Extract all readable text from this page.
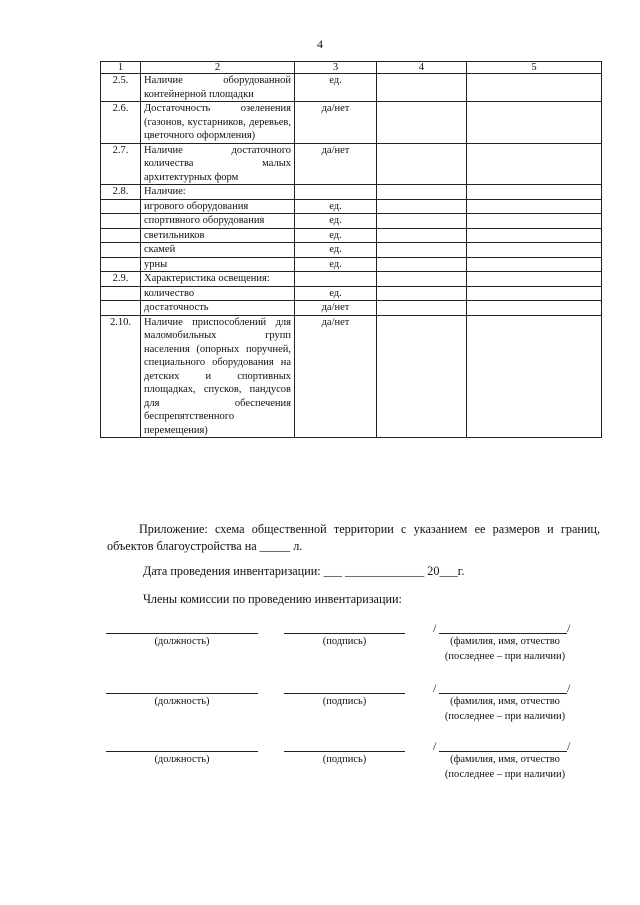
4
1	2	3	4	5
2.5.	Наличие оборудованной контейнерной площадки	ед.		
2.6.	Достаточность озеленения (газонов, кустарников, деревьев, цветочного оформления)	да/нет		
2.7.	Наличие достаточного количества малых архитектурных форм	да/нет		
2.8.	Наличие:			
	игрового оборудования	ед.		
	спортивного оборудования	ед.		
	светильников	ед.		
	скамей	ед.		
	урны	ед.		
2.9.	Характеристика освещения:			
	количество	ед.		
	достаточность	да/нет		
2.10.	Наличие приспособлений для маломобильных групп населения (опорных поручней, специального оборудования на детских и спортивных площадках, спусков, пандусов для обеспечения беспрепятственного перемещения)	да/нет		
Приложение: схема общественной территории с указанием ее размеров и границ, объектов благоустройства на _____ л.
Дата проведения инвентаризации: ___ _____________ 20___г.
Члены комиссии по проведению инвентаризации:
(должность)	(подпись)
/	/
(фамилия, имя, отчество
(последнее – при наличии)
(должность)	(подпись)
/	/
(фамилия, имя, отчество
(последнее – при наличии)
(должность)	(подпись)
/	/
(фамилия, имя, отчество
(последнее – при наличии)
